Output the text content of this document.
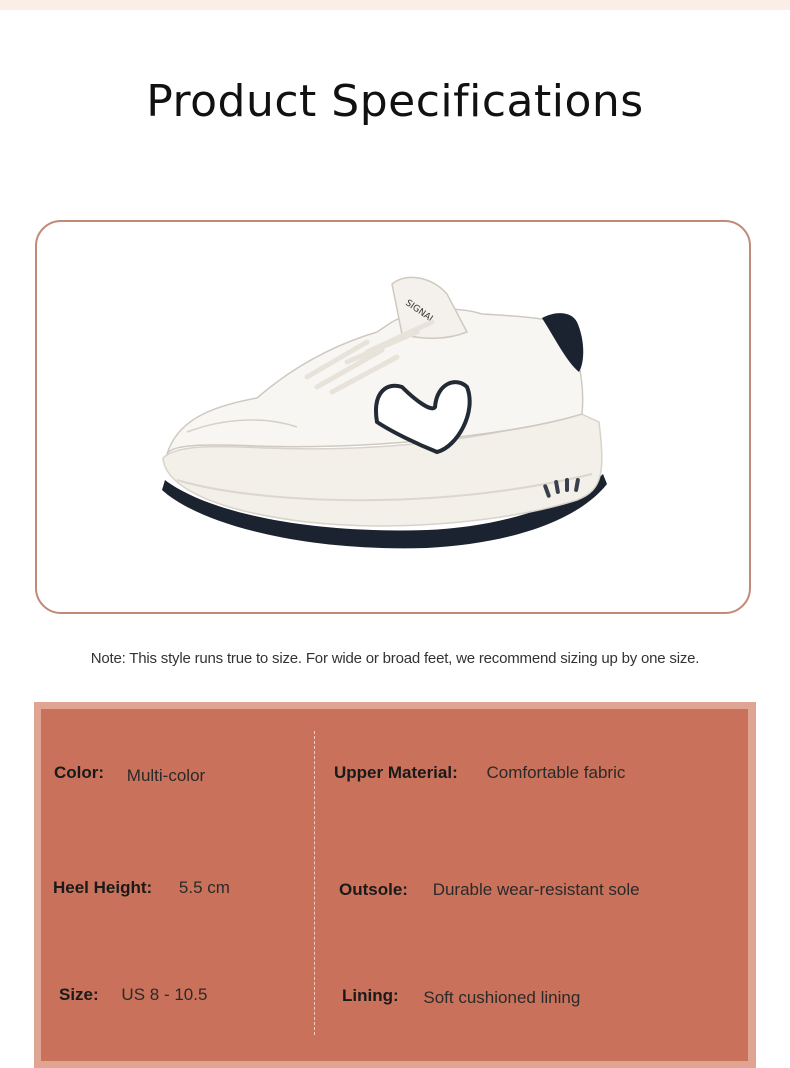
Product Specifications
SIGNAL
Note: This style runs true to size. For wide or broad feet, we recommend sizing up by one size.
Color: Multi-color	Upper Material: Comfortable fabric
Heel Height: 5.5 cm	Outsole: Durable wear-resistant sole
Size: US 8 - 10.5	Lining: Soft cushioned lining
